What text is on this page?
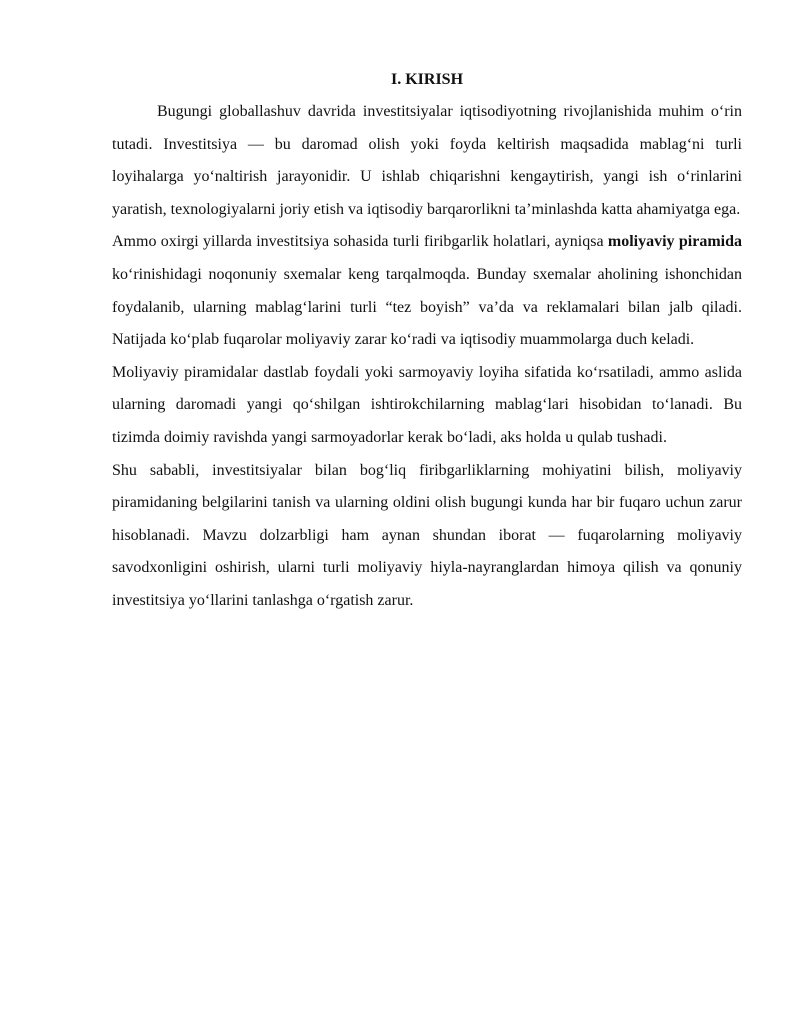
I. KIRISH

Bugungi globallashuv davrida investitsiyalar iqtisodiyotning rivojlanishida muhim o‘rin tutadi. Investitsiya — bu daromad olish yoki foyda keltirish maqsadida mablag‘ni turli loyihalarga yo‘naltirish jarayonidir. U ishlab chiqarishni kengaytirish, yangi ish o‘rinlarini yaratish, texnologiyalarni joriy etish va iqtisodiy barqarorlikni ta’minlashda katta ahamiyatga ega.

Ammo oxirgi yillarda investitsiya sohasida turli firibgarlik holatlari, ayniqsa moliyaviy piramida ko‘rinishidagi noqonuniy sxemalar keng tarqalmoqda. Bunday sxemalar aholining ishonchidan foydalanib, ularning mablag‘larini turli “tez boyish” va’da va reklamalari bilan jalb qiladi. Natijada ko‘plab fuqarolar moliyaviy zarar ko‘radi va iqtisodiy muammolarga duch keladi.

Moliyaviy piramidalar dastlab foydali yoki sarmoyaviy loyiha sifatida ko‘rsatiladi, ammo aslida ularning daromadi yangi qo‘shilgan ishtirokchilarning mablag‘lari hisobidan to‘lanadi. Bu tizimda doimiy ravishda yangi sarmoyadorlar kerak bo‘ladi, aks holda u qulab tushadi.

Shu sababli, investitsiyalar bilan bog‘liq firibgarliklarning mohiyatini bilish, moliyaviy piramidaning belgilarini tanish va ularning oldini olish bugungi kunda har bir fuqaro uchun zarur hisoblanadi. Mavzu dolzarbligi ham aynan shundan iborat — fuqarolarning moliyaviy savodxonligini oshirish, ularni turli moliyaviy hiyla-nayranglardan himoya qilish va qonuniy investitsiya yo‘llarini tanlashga o‘rgatish zarur.
